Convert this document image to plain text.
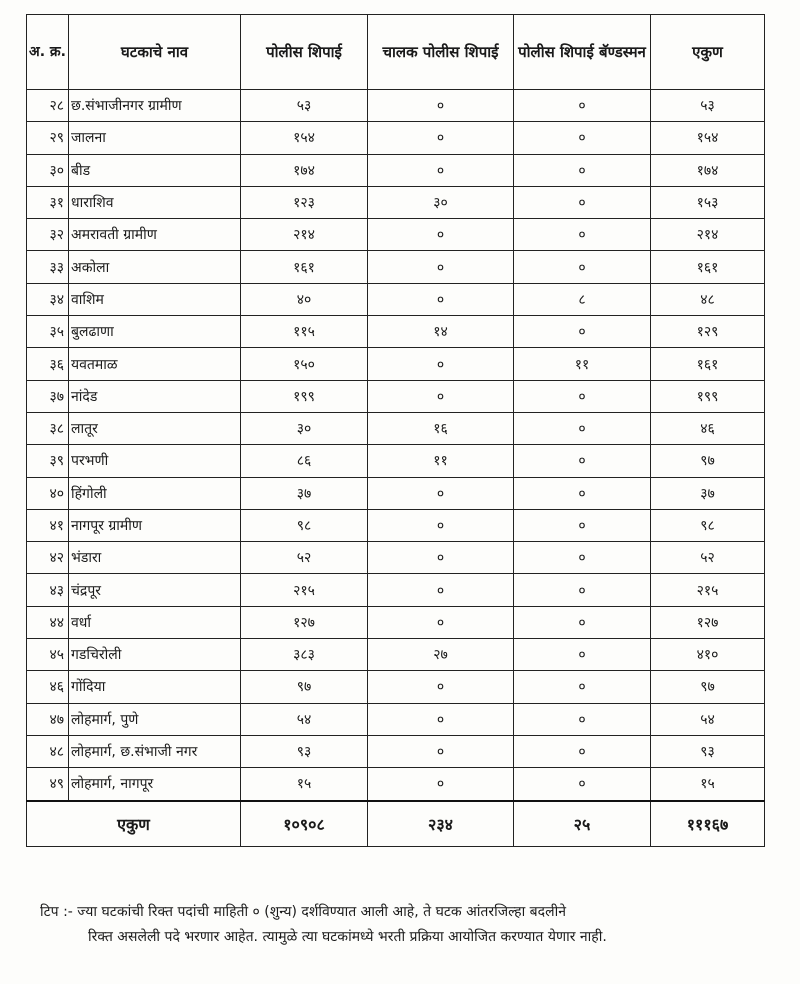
अ. क्र.	घटकाचे नाव	पोलीस शिपाई	चालक पोलीस शिपाई	पोलीस शिपाई बॅण्डस्मन	एकुण
२८	छ.संभाजीनगर ग्रामीण	५३	०	०	५३
२९	जालना	१५४	०	०	१५४
३०	बीड	१७४	०	०	१७४
३१	धाराशिव	१२३	३०	०	१५३
३२	अमरावती ग्रामीण	२१४	०	०	२१४
३३	अकोला	१६१	०	०	१६१
३४	वाशिम	४०	०	८	४८
३५	बुलढाणा	११५	१४	०	१२९
३६	यवतमाळ	१५०	०	११	१६१
३७	नांदेड	१९९	०	०	१९९
३८	लातूर	३०	१६	०	४६
३९	परभणी	८६	११	०	९७
४०	हिंगोली	३७	०	०	३७
४१	नागपूर ग्रामीण	९८	०	०	९८
४२	भंडारा	५२	०	०	५२
४३	चंद्रपूर	२१५	०	०	२१५
४४	वर्धा	१२७	०	०	१२७
४५	गडचिरोली	३८३	२७	०	४१०
४६	गोंदिया	९७	०	०	९७
४७	लोहमार्ग, पुणे	५४	०	०	५४
४८	लोहमार्ग, छ.संभाजी नगर	९३	०	०	९३
४९	लोहमार्ग, नागपूर	१५	०	०	१५
एकुण		१०९०८	२३४	२५	१११६७
टिप :- ज्या घटकांची रिक्त पदांची माहिती ० (शुन्य) दर्शविण्यात आली आहे, ते घटक आंतरजिल्हा बदलीने
रिक्त असलेली पदे भरणार आहेत. त्यामुळे त्या घटकांमध्ये भरती प्रक्रिया आयोजित करण्यात येणार नाही.
